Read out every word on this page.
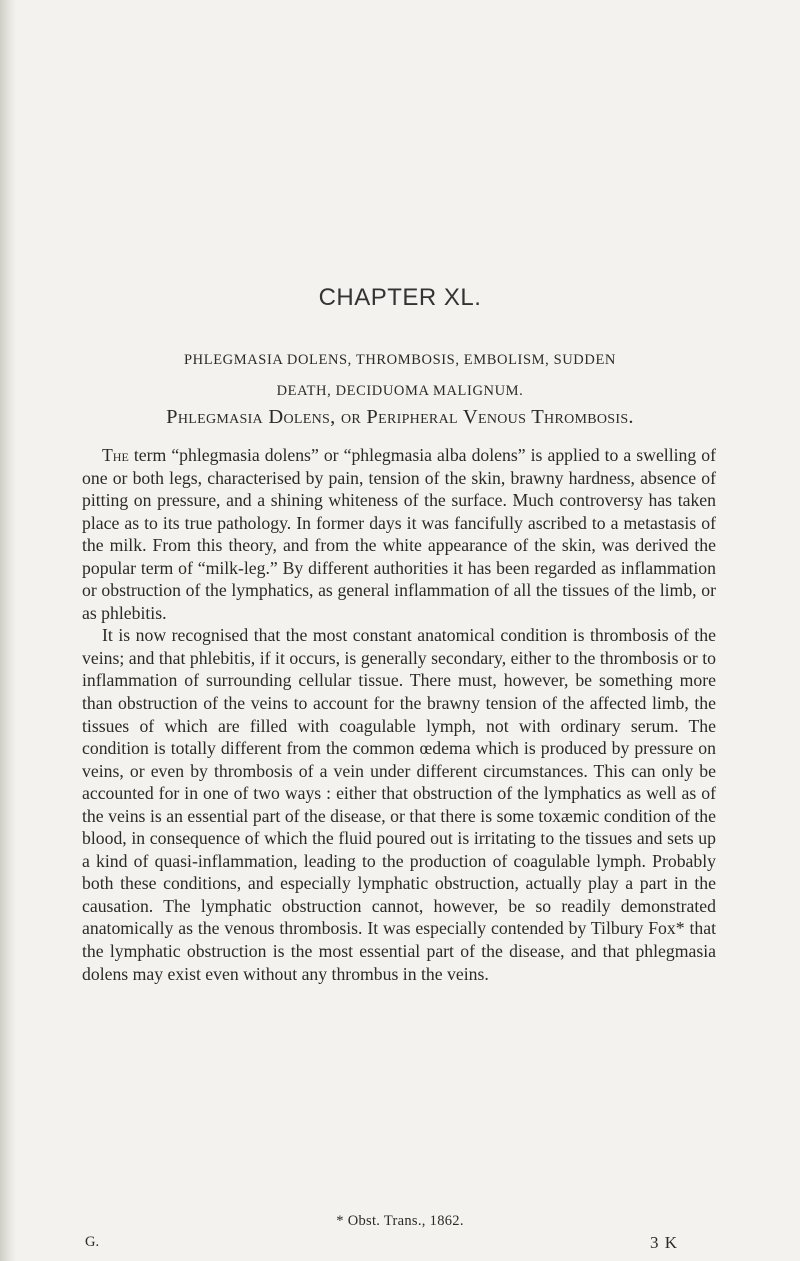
CHAPTER XL.
PHLEGMASIA DOLENS, THROMBOSIS, EMBOLISM, SUDDEN
DEATH, DECIDUOMA MALIGNUM.
Phlegmasia Dolens, or Peripheral Venous Thrombosis.

The term “phlegmasia dolens” or “phlegmasia alba dolens” is applied to a swelling of one or both legs, characterised by pain, tension of the skin, brawny hardness, absence of pitting on pressure, and a shining whiteness of the surface. Much controversy has taken place as to its true pathology. In former days it was fancifully ascribed to a metastasis of the milk. From this theory, and from the white appearance of the skin, was derived the popular term of “milk-leg.” By different authorities it has been regarded as inflammation or obstruction of the lymphatics, as general inflammation of all the tissues of the limb, or as phlebitis.

It is now recognised that the most constant anatomical condition is thrombosis of the veins; and that phlebitis, if it occurs, is generally secondary, either to the thrombosis or to inflammation of surrounding cellular tissue. There must, however, be something more than obstruction of the veins to account for the brawny tension of the affected limb, the tissues of which are filled with coagulable lymph, not with ordinary serum. The condition is totally different from the common œdema which is produced by pressure on veins, or even by thrombosis of a vein under different circumstances. This can only be accounted for in one of two ways : either that obstruction of the lymphatics as well as of the veins is an essential part of the disease, or that there is some toxæmic condition of the blood, in consequence of which the fluid poured out is irritating to the tissues and sets up a kind of quasi-inflammation, leading to the production of coagulable lymph. Probably both these conditions, and especially lymphatic obstruction, actually play a part in the causation. The lymphatic obstruction cannot, however, be so readily demonstrated anatomically as the venous thrombosis. It was especially contended by Tilbury Fox* that the lymphatic obstruction is the most essential part of the disease, and that phlegmasia dolens may exist even without any thrombus in the veins.

* Obst. Trans., 1862.
G.	3 K
